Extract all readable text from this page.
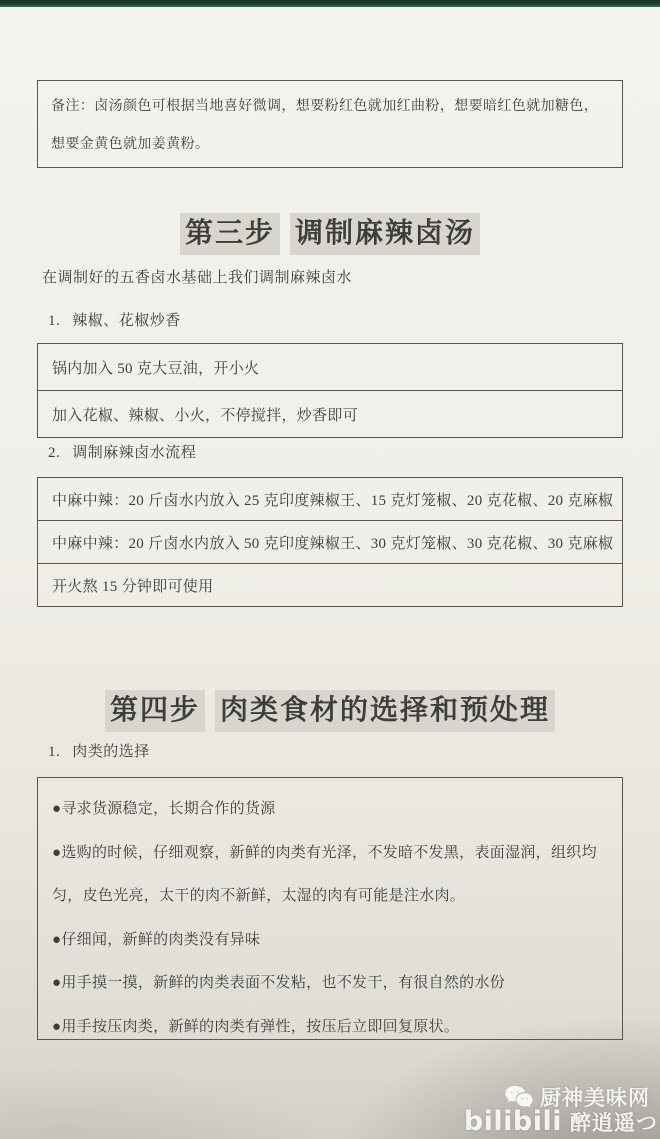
备注：卤汤颜色可根据当地喜好微调，想要粉红色就加红曲粉，想要暗红色就加糖色，想要金黄色就加姜黄粉。
第三步 调制麻辣卤汤
在调制好的五香卤水基础上我们调制麻辣卤水
1. 辣椒、花椒炒香
锅内加入 50 克大豆油，开小火
加入花椒、辣椒、小火，不停搅拌，炒香即可
2. 调制麻辣卤水流程
中麻中辣：20 斤卤水内放入 25 克印度辣椒王、15 克灯笼椒、20 克花椒、20 克麻椒
中麻中辣：20 斤卤水内放入 50 克印度辣椒王、30 克灯笼椒、30 克花椒、30 克麻椒
开火熬 15 分钟即可使用
第四步 肉类食材的选择和预处理
1. 肉类的选择

●寻求货源稳定，长期合作的货源

●选购的时候，仔细观察，新鲜的肉类有光泽，不发暗不发黑，表面湿润，组织均匀，皮色光亮，太干的肉不新鲜，太湿的肉有可能是注水肉。

●仔细闻，新鲜的肉类没有异味

●用手摸一摸，新鲜的肉类表面不发粘，也不发干，有很自然的水份

●用手按压肉类，新鲜的肉类有弹性，按压后立即回复原状。

厨神美味网
bilibili 醉逍遥つ
